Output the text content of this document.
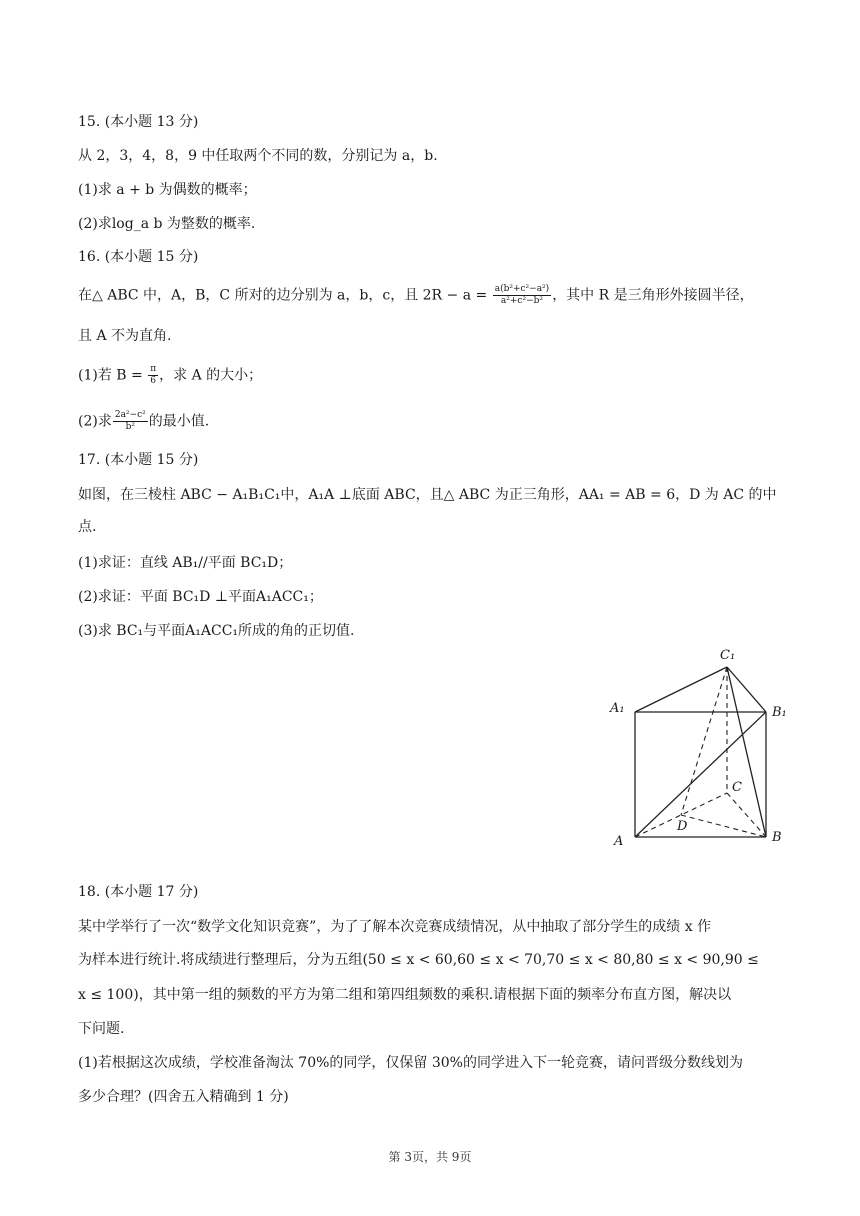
15. (本小题 13 分)
从 2，3，4，8，9 中任取两个不同的数，分别记为 a，b.
(1)求 a + b 为偶数的概率；
(2)求log_a b 为整数的概率.
16. (本小题 15 分)
在△ ABC 中，A，B，C 所对的边分别为 a，b，c，且 $2R - a = \frac{\text{a(b²+c²−a²)}}{\text{a²+c²−b²}}$ ，其中 R 是三角形外接圆半径，
且 A 不为直角.
(1)若 $B = \frac{\pi}{6}$ ，求 A 的大小；
(2)求 $\frac{\text{2a²−c²}}{\text{b²}}$ 的最小值.
17. (本小题 15 分)
如图，在三棱柱 ABC − A₁B₁C₁中，A₁A ⊥底面 ABC，且△ ABC 为正三角形，AA₁ = AB = 6，D 为 AC 的中
点.
(1)求证：直线 AB₁//平面 BC₁D；
(2)求证：平面 BC₁D ⊥平面A₁ACC₁；
(3)求 BC₁与平面A₁ACC₁所成的角的正切值.
C₁
A₁	B₁
C
D
A	B
18. (本小题 17 分)
某中学举行了一次“数学文化知识竞赛”，为了了解本次竞赛成绩情况，从中抽取了部分学生的成绩 x 作
为样本进行统计.将成绩进行整理后，分为五组(50 ≤ x < 60,60 ≤ x < 70,70 ≤ x < 80,80 ≤ x < 90,90 ≤
x ≤ 100)，其中第一组的频数的平方为第二组和第四组频数的乘积.请根据下面的频率分布直方图，解决以
下问题.
(1)若根据这次成绩，学校准备淘汰 70%的同学，仅保留 30%的同学进入下一轮竞赛，请问晋级分数线划为
多少合理？(四舍五入精确到 1 分)
第 3页，共 9页
